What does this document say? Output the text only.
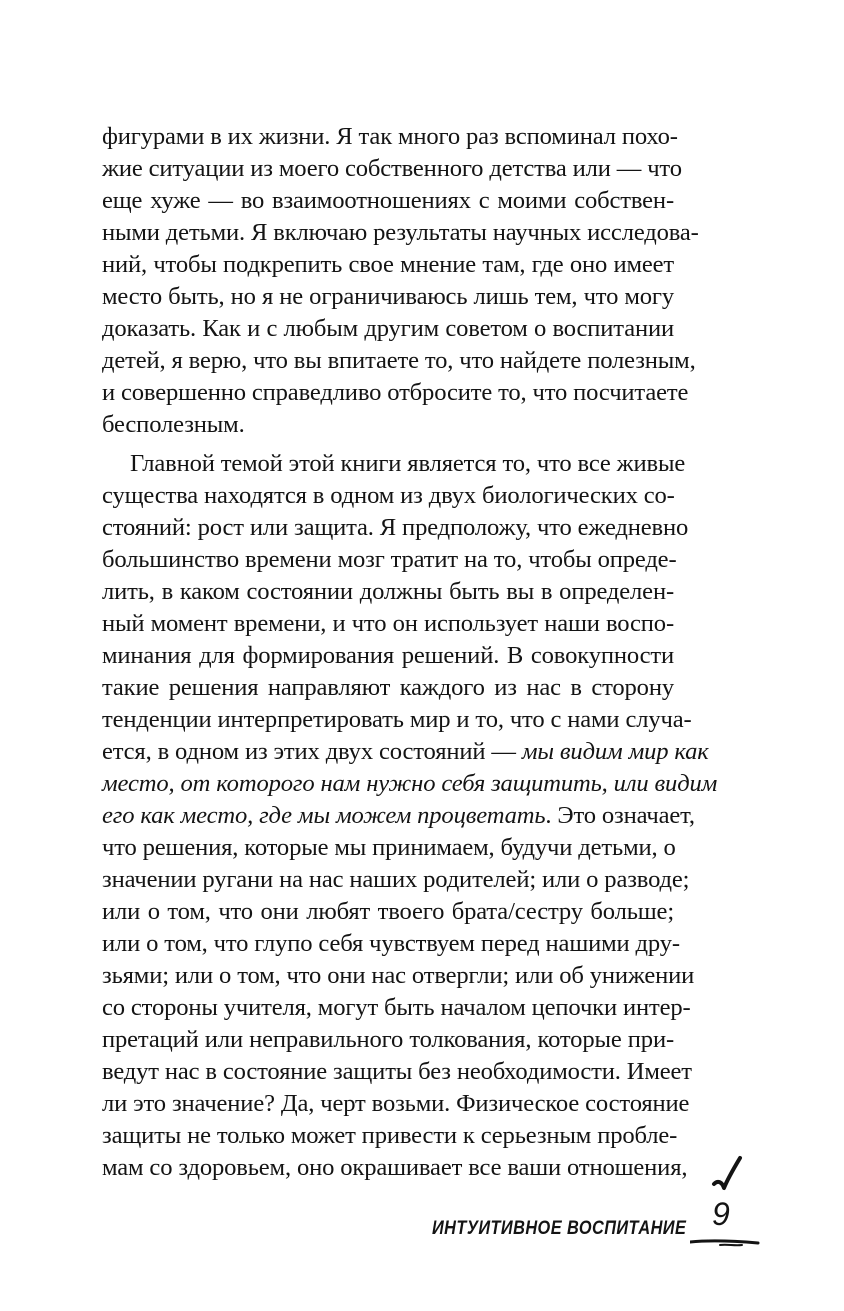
фигурами в их жизни. Я так много раз вспоминал похо-
жие ситуации из моего собственного детства или — что
еще хуже — во взаимоотношениях с моими собствен-
ными детьми. Я включаю результаты научных исследова-
ний, чтобы подкрепить свое мнение там, где оно имеет
место быть, но я не ограничиваюсь лишь тем, что могу
доказать. Как и с любым другим советом о воспитании
детей, я верю, что вы впитаете то, что найдете полезным,
и совершенно справедливо отбросите то, что посчитаете
бесполезным.
Главной темой этой книги является то, что все живые
существа находятся в одном из двух биологических со-
стояний: рост или защита. Я предположу, что ежедневно
большинство времени мозг тратит на то, чтобы опреде-
лить, в каком состоянии должны быть вы в определен-
ный момент времени, и что он использует наши воспо-
минания для формирования решений. В совокупности
такие решения направляют каждого из нас в сторону
тенденции интерпретировать мир и то, что с нами случа-
ется, в одном из этих двух состояний — мы видим мир как
место, от которого нам нужно себя защитить, или видим
его как место, где мы можем процветать. Это означает,
что решения, которые мы принимаем, будучи детьми, о
значении ругани на нас наших родителей; или о разводе;
или о том, что они любят твоего брата/сестру больше;
или о том, что глупо себя чувствуем перед нашими дру-
зьями; или о том, что они нас отвергли; или об унижении
со стороны учителя, могут быть началом цепочки интер-
претаций или неправильного толкования, которые при-
ведут нас в состояние защиты без необходимости. Имеет
ли это значение? Да, черт возьми. Физическое состояние
защиты не только может привести к серьезным пробле-
мам со здоровьем, оно окрашивает все ваши отношения,
ИНТУИТИВНОЕ ВОСПИТАНИЕ 9
